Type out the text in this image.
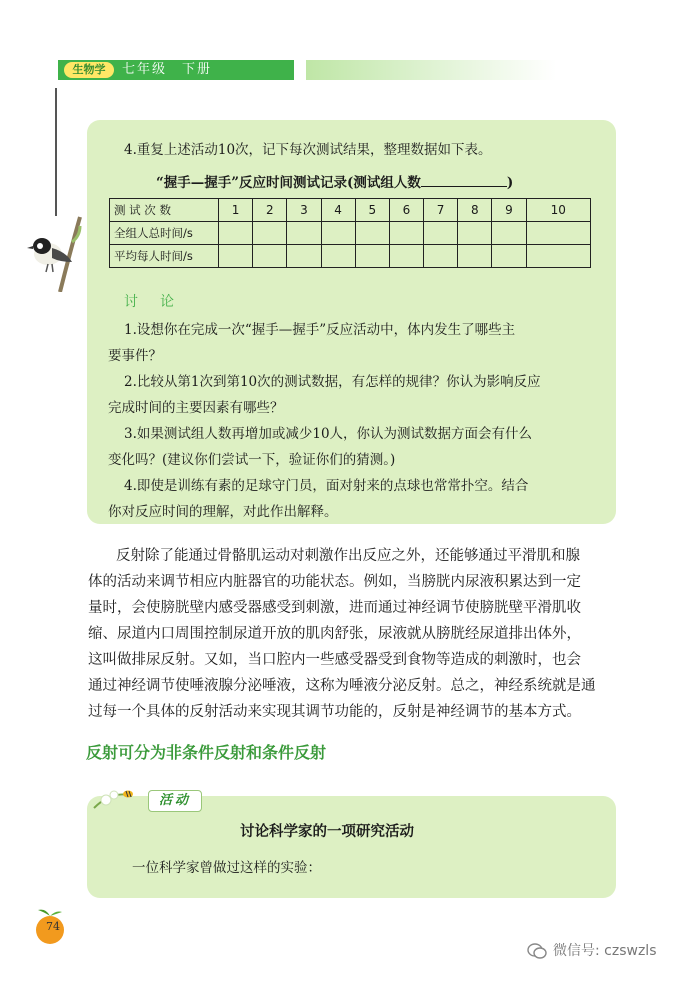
生物学	七年级　下册
4.重复上述活动10次，记下每次测试结果，整理数据如下表。
“握手—握手”反应时间测试记录(测试组人数	)
测 试 次 数	1	2	3	4	5	6	7	8	9	10
全组人总时间/s										
平均每人时间/s										
讨论
1.设想你在完成一次“握手—握手”反应活动中，体内发生了哪些主
要事件？
2.比较从第1次到第10次的测试数据，有怎样的规律？你认为影响反应
完成时间的主要因素有哪些？
3.如果测试组人数再增加或减少10人，你认为测试数据方面会有什么
变化吗？(建议你们尝试一下，验证你们的猜测。)
4.即使是训练有素的足球守门员，面对射来的点球也常常扑空。结合
你对反应时间的理解，对此作出解释。
反射除了能通过骨骼肌运动对刺激作出反应之外，还能够通过平滑肌和腺
体的活动来调节相应内脏器官的功能状态。例如，当膀胱内尿液积累达到一定
量时，会使膀胱壁内感受器感受到刺激，进而通过神经调节使膀胱壁平滑肌收
缩、尿道内口周围控制尿道开放的肌肉舒张，尿液就从膀胱经尿道排出体外，
这叫做排尿反射。又如，当口腔内一些感受器受到食物等造成的刺激时，也会
通过神经调节使唾液腺分泌唾液，这称为唾液分泌反射。总之，神经系统就是通
过每一个具体的反射活动来实现其调节功能的，反射是神经调节的基本方式。
反射可分为非条件反射和条件反射
活动
讨论科学家的一项研究活动
一位科学家曾做过这样的实验：
74
微信号: czswzls
